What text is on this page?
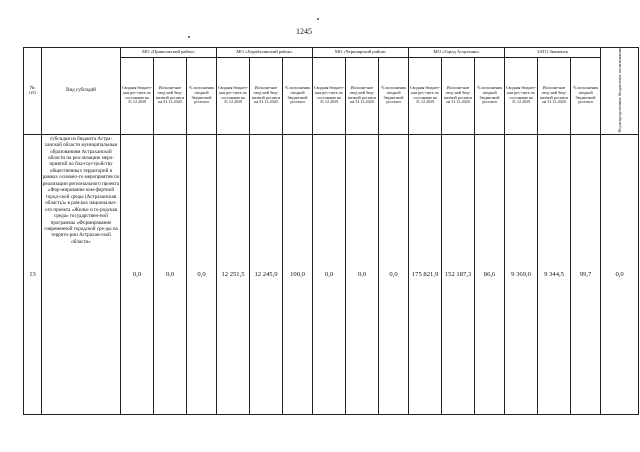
1245
№
п/п	Вид субсидий	МО «Приволжский район»			МО «Харабалинский район»			МО «Черноярский район»			МО «Город Астрахань»			ЗАТО Знаменск			Нераспределенные бюджетные ассигнования
		Сводная бюджет-ная рос-пись по состоянию на 31.12.2020	Исполне-ние свод-ной бюд-жетной росписи на 31.12.2020	% исполнения сводной бюджетной росписи	Сводная бюджет-ная рос-пись по состоянию на 31.12.2020	Исполне-ние свод-ной бюд-жетной росписи на 31.12.2020	% исполнения сводной бюджетной росписи	Сводная бюджет-ная рос-пись по состоянию на 31.12.2020	Исполне-ние свод-ной бюд-жетной росписи на 31.12.2020	% исполнения сводной бюджетной росписи	Сводная бюджет-ная рос-пись по состоянию на 31.12.2020	Исполне-ние свод-ной бюд-жетной росписи на 31.12.2020	% исполнения сводной бюджетной росписи	Сводная бюджет-ная рос-пись по состоянию на 31.12.2020	Исполне-ние свод-ной бюд-жетной росписи на 31.12.2020	% исполнения сводной бюджетной росписи	
13	субсидия из бюджета Астра-ханской области муниципальным образованиям Астраханской области на реа-лизацию меро-приятий по бла-гоустройству общественных территорий в рамках основно-го мероприятия по реализации регионального проекта «Фор-мирование ком-фортной город-ской среды (Астраханская область)» в рам-ках национальн-ого проекта «Жилье и го-родская среда» государствен-ной программы «Формирование современной городской сре-ды на террито-рии Астрахан-ской области»	0,0	0,0	0,0	12 251,5	12 245,9	100,0	0,0	0,0	0,0	175 821,9	152 187,3	86,6	9 369,0	9 344,5	99,7	0,0
